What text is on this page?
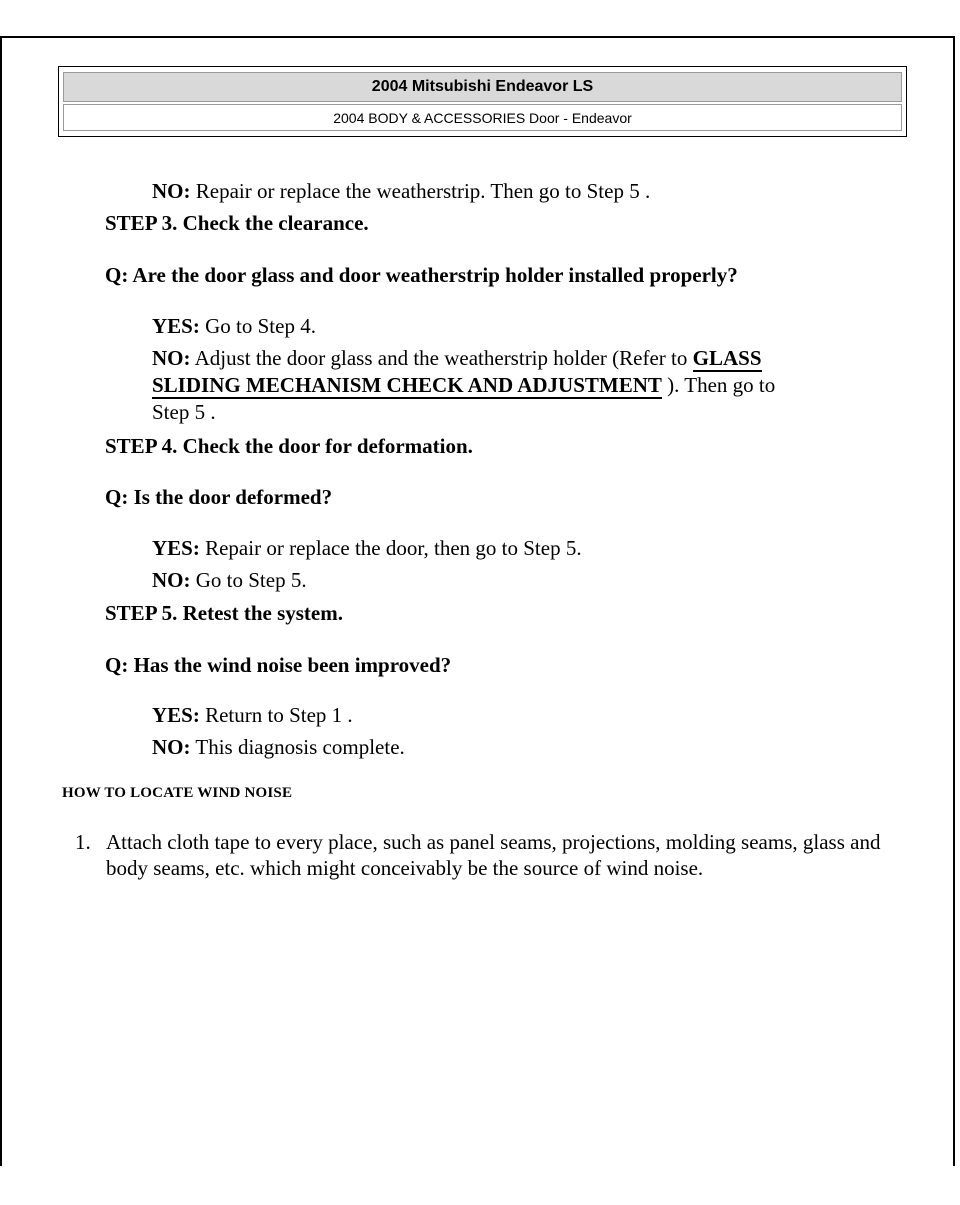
2004 Mitsubishi Endeavor LS
2004 BODY & ACCESSORIES Door - Endeavor
NO: Repair or replace the weatherstrip. Then go to Step 5 .
STEP 3. Check the clearance.
Q: Are the door glass and door weatherstrip holder installed properly?
YES: Go to Step 4.
NO: Adjust the door glass and the weatherstrip holder (Refer to GLASS
SLIDING MECHANISM CHECK AND ADJUSTMENT ). Then go to
Step 5 .
STEP 4. Check the door for deformation.
Q: Is the door deformed?
YES: Repair or replace the door, then go to Step 5.
NO: Go to Step 5.
STEP 5. Retest the system.
Q: Has the wind noise been improved?
YES: Return to Step 1 .
NO: This diagnosis complete.
HOW TO LOCATE WIND NOISE
1. Attach cloth tape to every place, such as panel seams, projections, molding seams, glass and body seams, etc. which might conceivably be the source of wind noise.
